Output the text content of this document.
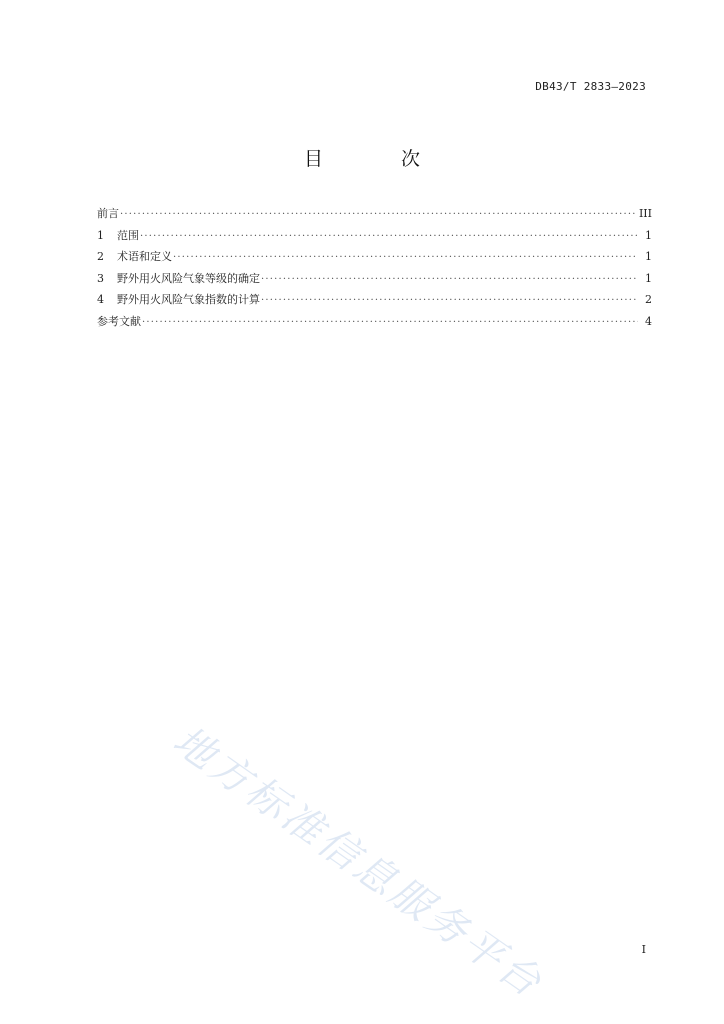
DB43/T 2833—2023
目 次
前言 ·····	III
1	范围 ·····	1
2	术语和定义 ·····	1
3	野外用火风险气象等级的确定 ·····	1
4	野外用火风险气象指数的计算 ·····	2
参考文献 ·····	4
地方标准信息服务平台	I
